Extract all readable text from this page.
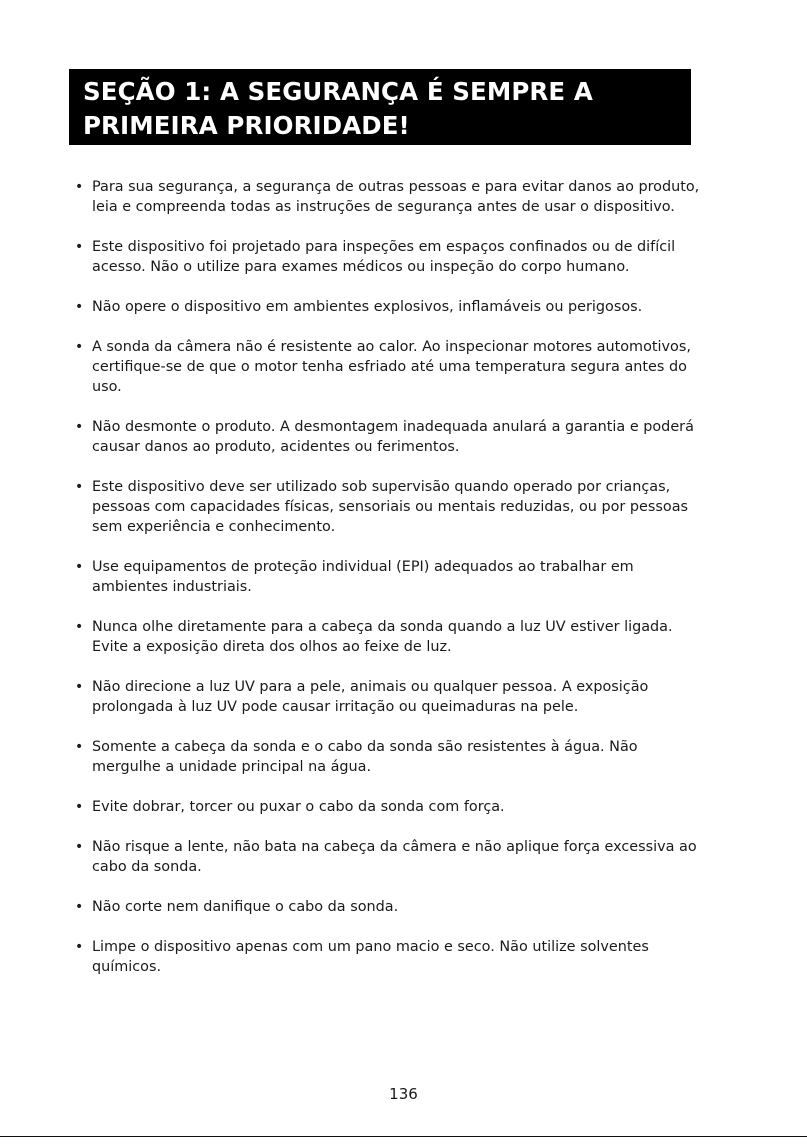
SEÇÃO 1: A SEGURANÇA É SEMPRE A
PRIMEIRA PRIORIDADE!
• Para sua segurança, a segurança de outras pessoas e para evitar danos ao produto,
leia e compreenda todas as instruções de segurança antes de usar o dispositivo.
• Este dispositivo foi projetado para inspeções em espaços confinados ou de difícil
acesso. Não o utilize para exames médicos ou inspeção do corpo humano.
• Não opere o dispositivo em ambientes explosivos, inflamáveis ou perigosos.
• A sonda da câmera não é resistente ao calor. Ao inspecionar motores automotivos,
certifique-se de que o motor tenha esfriado até uma temperatura segura antes do
uso.
• Não desmonte o produto. A desmontagem inadequada anulará a garantia e poderá
causar danos ao produto, acidentes ou ferimentos.
• Este dispositivo deve ser utilizado sob supervisão quando operado por crianças,
pessoas com capacidades físicas, sensoriais ou mentais reduzidas, ou por pessoas
sem experiência e conhecimento.
• Use equipamentos de proteção individual (EPI) adequados ao trabalhar em
ambientes industriais.
• Nunca olhe diretamente para a cabeça da sonda quando a luz UV estiver ligada.
Evite a exposição direta dos olhos ao feixe de luz.
• Não direcione a luz UV para a pele, animais ou qualquer pessoa. A exposição
prolongada à luz UV pode causar irritação ou queimaduras na pele.
• Somente a cabeça da sonda e o cabo da sonda são resistentes à água. Não
mergulhe a unidade principal na água.
• Evite dobrar, torcer ou puxar o cabo da sonda com força.
• Não risque a lente, não bata na cabeça da câmera e não aplique força excessiva ao
cabo da sonda.
• Não corte nem danifique o cabo da sonda.
• Limpe o dispositivo apenas com um pano macio e seco. Não utilize solventes
químicos.
136
